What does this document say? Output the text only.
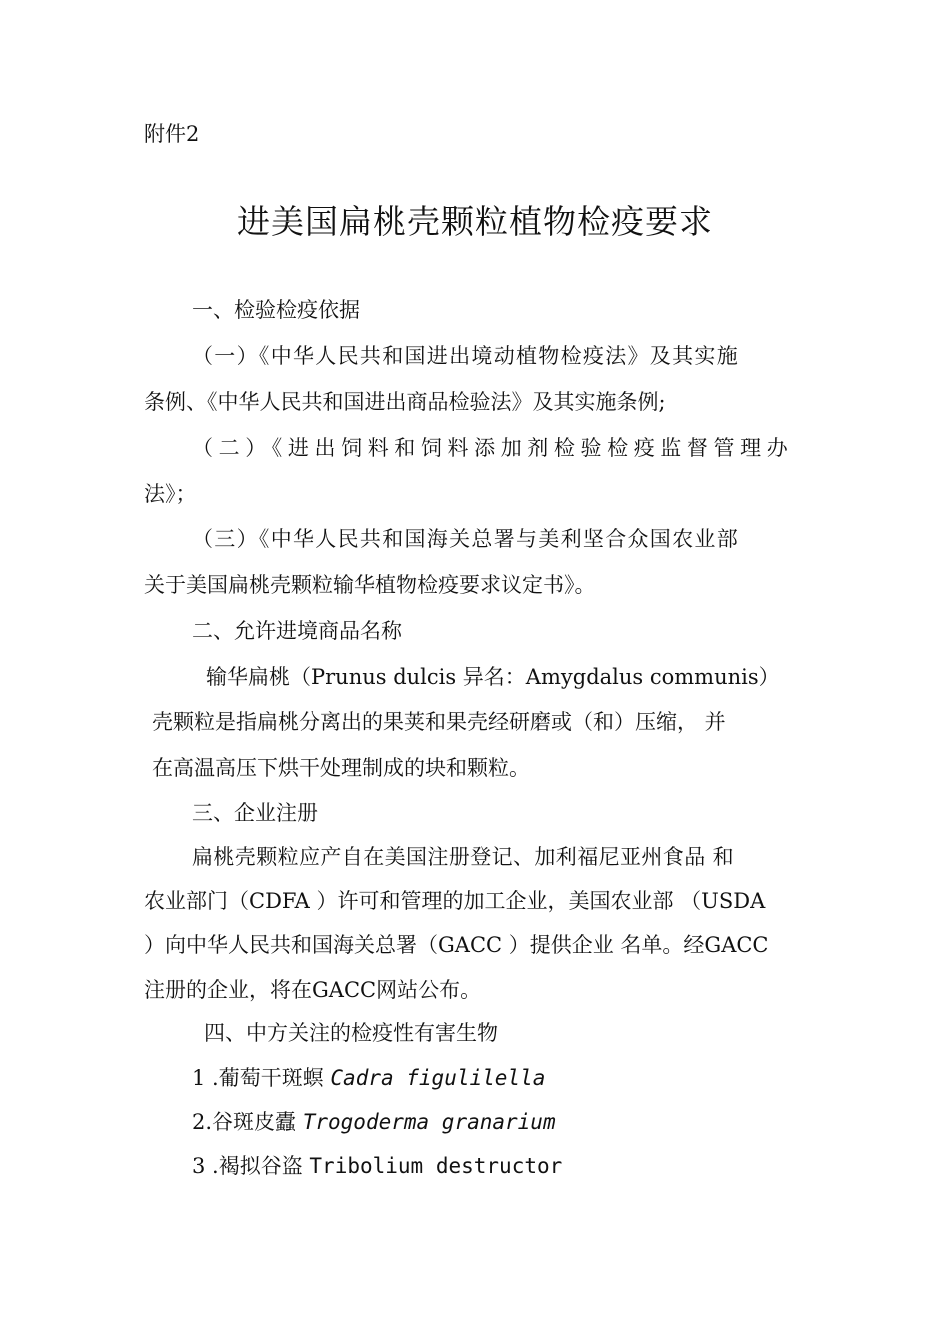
附件2
进美国扁桃壳颗粒植物检疫要求
一、检验检疫依据
（一）《中华人民共和国进出境动植物检疫法》及其实施
条例、《中华人民共和国进出商品检验法》及其实施条例;
（二）《进出饲料和饲料添加剂检验检疫监督管理办
法》；
（三）《中华人民共和国海关总署与美利坚合众国农业部
关于美国扁桃壳颗粒输华植物检疫要求议定书》。
二、允许进境商品名称
输华扁桃（Prunus dulcis 异名：Amygdalus communis）
壳颗粒是指扁桃分离出的果荚和果壳经研磨或（和）压缩， 并
在高温高压下烘干处理制成的块和颗粒。
三、企业注册
扁桃壳颗粒应产自在美国注册登记、加利福尼亚州食品 和
农业部门（CDFA ）许可和管理的加工企业，美国农业部 （USDA
）向中华人民共和国海关总署（GACC ）提供企业 名单。经GACC
注册的企业，将在GACC网站公布。
四、中方关注的检疫性有害生物
1 .葡萄干斑螟 Cadra figulilella
2.谷斑皮蠹 Trogoderma granarium
3 .褐拟谷盗 Tribolium destructor
